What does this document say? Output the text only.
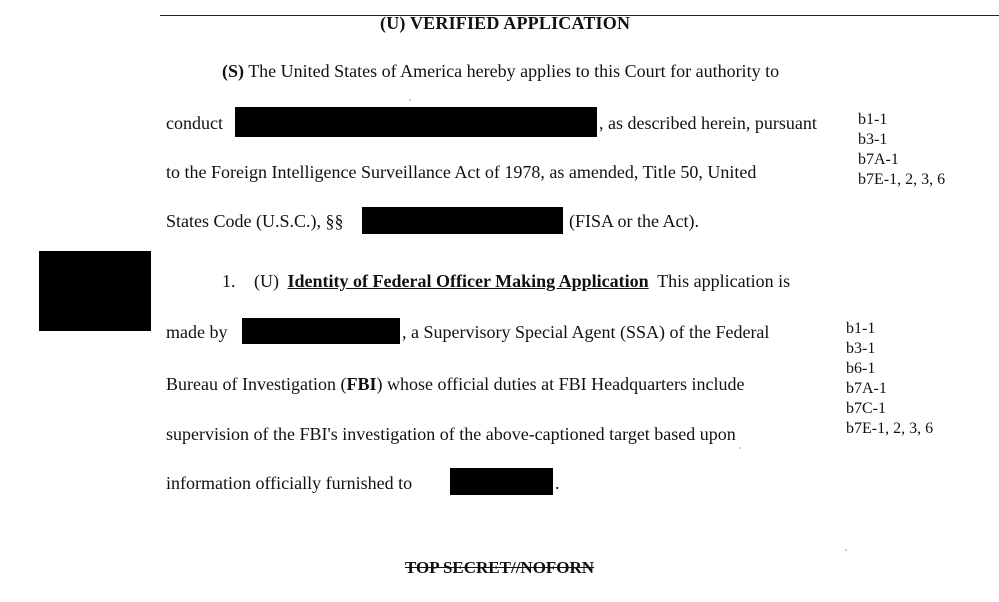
(U) VERIFIED APPLICATION
(S) The United States of America hereby applies to this Court for authority to
conduct	, as described herein, pursuant
to the Foreign Intelligence Surveillance Act of 1978, as amended, Title 50, United
States Code (U.S.C.), §§	(FISA or the Act).
b1-1
b3-1
b7A-1
b7E-1, 2, 3, 6
1. (U) Identity of Federal Officer Making Application This application is
made by	, a Supervisory Special Agent (SSA) of the Federal
Bureau of Investigation (FBI) whose official duties at FBI Headquarters include
supervision of the FBI's investigation of the above-captioned target based upon
information officially furnished to	.
b1-1
b3-1
b6-1
b7A-1
b7C-1
b7E-1, 2, 3, 6
TOP SECRET//NOFORN
